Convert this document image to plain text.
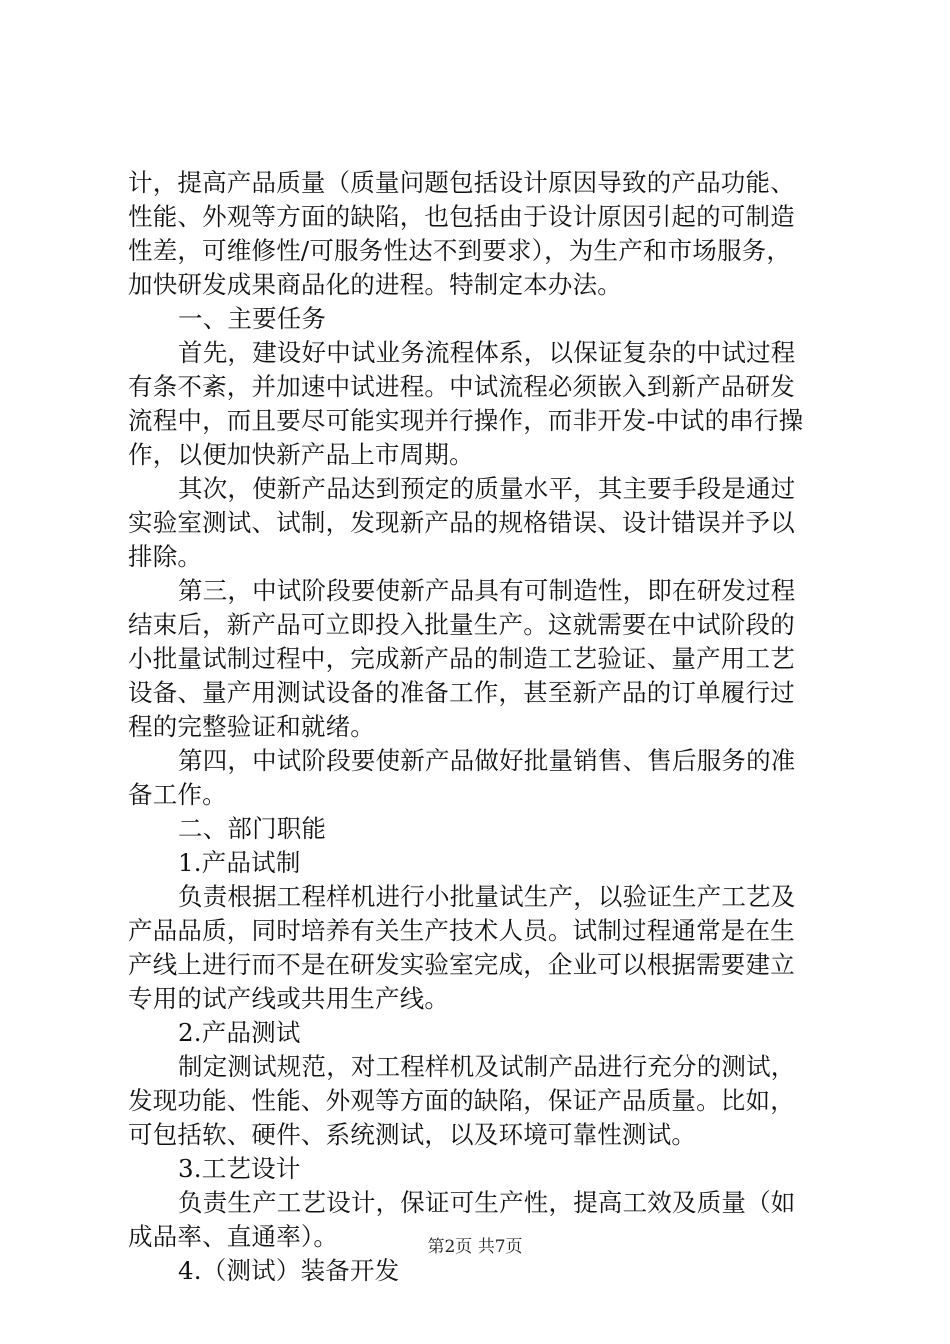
计，提高产品质量（质量问题包括设计原因导致的产品功能、
性能、外观等方面的缺陷，也包括由于设计原因引起的可制造
性差，可维修性/可服务性达不到要求），为生产和市场服务，
加快研发成果商品化的进程。特制定本办法。
一、主要任务
首先，建设好中试业务流程体系，以保证复杂的中试过程
有条不紊，并加速中试进程。中试流程必须嵌入到新产品研发
流程中，而且要尽可能实现并行操作，而非开发-中试的串行操
作，以便加快新产品上市周期。
其次，使新产品达到预定的质量水平，其主要手段是通过
实验室测试、试制，发现新产品的规格错误、设计错误并予以
排除。
第三，中试阶段要使新产品具有可制造性，即在研发过程
结束后，新产品可立即投入批量生产。这就需要在中试阶段的
小批量试制过程中，完成新产品的制造工艺验证、量产用工艺
设备、量产用测试设备的准备工作，甚至新产品的订单履行过
程的完整验证和就绪。
第四，中试阶段要使新产品做好批量销售、售后服务的准
备工作。
二、部门职能
1.产品试制
负责根据工程样机进行小批量试生产，以验证生产工艺及
产品品质，同时培养有关生产技术人员。试制过程通常是在生
产线上进行而不是在研发实验室完成，企业可以根据需要建立
专用的试产线或共用生产线。
2.产品测试
制定测试规范，对工程样机及试制产品进行充分的测试，
发现功能、性能、外观等方面的缺陷，保证产品质量。比如，
可包括软、硬件、系统测试，以及环境可靠性测试。
3.工艺设计
负责生产工艺设计，保证可生产性，提高工效及质量（如
成品率、直通率）。
4.（测试）装备开发
第2页 共7页
